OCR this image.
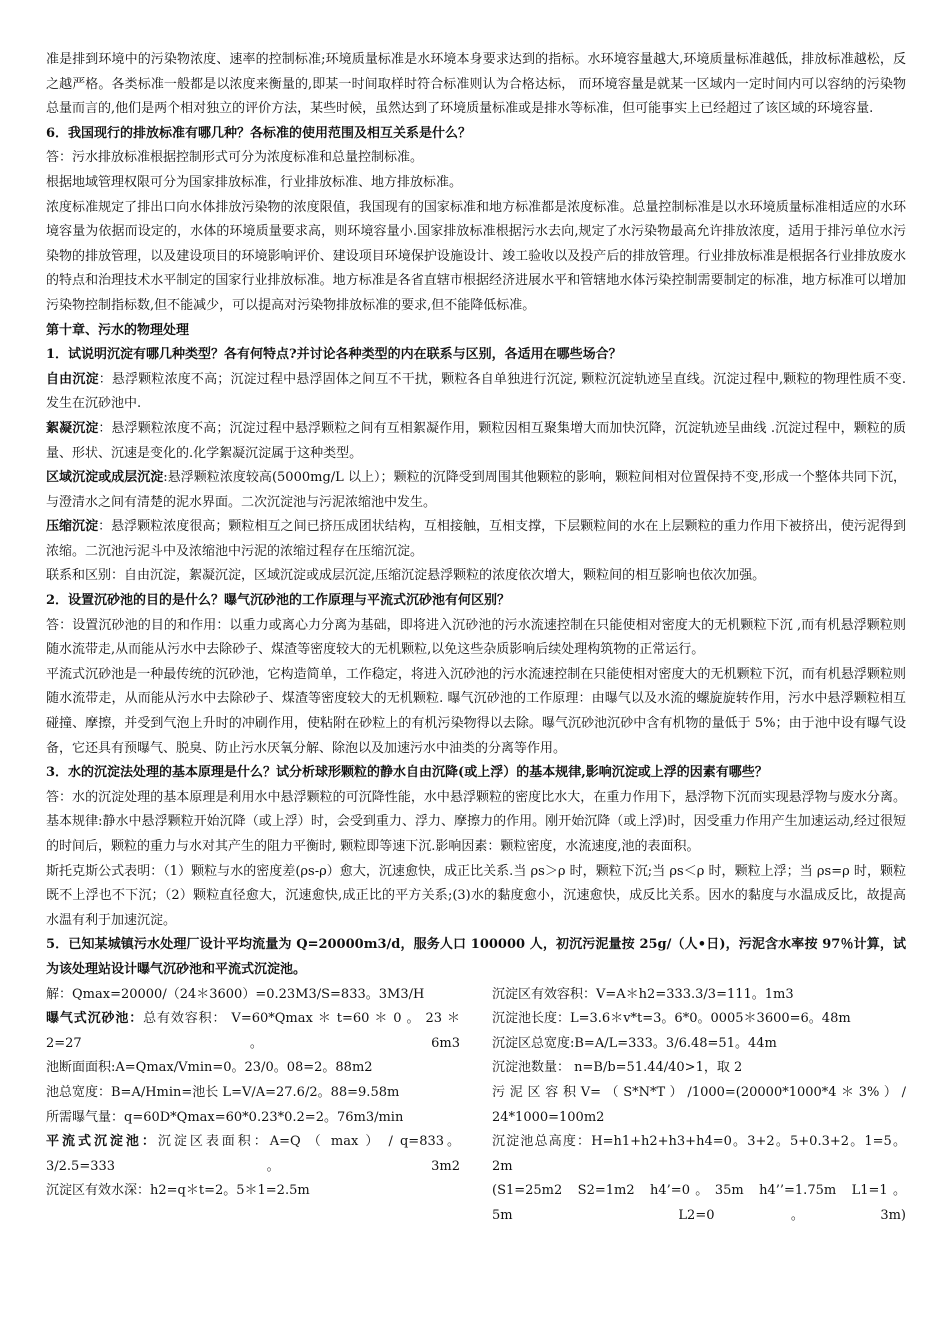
准是排到环境中的污染物浓度、速率的控制标准;环境质量标准是水环境本身要求达到的指标。水环境容量越大,环境质量标准越低，排放标准越松，反之越严格。各类标准一般都是以浓度来衡量的,即某一时间取样时符合标准则认为合格达标， 而环境容量是就某一区域内一定时间内可以容纳的污染物总量而言的,他们是两个相对独立的评价方法，某些时候，虽然达到了环境质量标准或是排水等标准，但可能事实上已经超过了该区域的环境容量.

6．我国现行的排放标准有哪几种？各标准的使用范围及相互关系是什么？

答：污水排放标准根据控制形式可分为浓度标准和总量控制标准。

根据地域管理权限可分为国家排放标准，行业排放标准、地方排放标准。

浓度标准规定了排出口向水体排放污染物的浓度限值，我国现有的国家标准和地方标准都是浓度标准。总量控制标准是以水环境质量标准相适应的水环境容量为依据而设定的，水体的环境质量要求高，则环境容量小.国家排放标准根据污水去向,规定了水污染物最高允许排放浓度，适用于排污单位水污染物的排放管理，以及建设项目的环境影响评价、建设项目环境保护设施设计、竣工验收以及投产后的排放管理。行业排放标准是根据各行业排放废水的特点和治理技术水平制定的国家行业排放标准。地方标准是各省直辖市根据经济进展水平和管辖地水体污染控制需要制定的标准，地方标准可以增加污染物控制指标数,但不能减少，可以提高对污染物排放标准的要求,但不能降低标准。

第十章、污水的物理处理

1．试说明沉淀有哪几种类型？各有何特点?并讨论各种类型的内在联系与区别，各适用在哪些场合？

自由沉淀：悬浮颗粒浓度不高；沉淀过程中悬浮固体之间互不干扰，颗粒各自单独进行沉淀, 颗粒沉淀轨迹呈直线。沉淀过程中,颗粒的物理性质不变.发生在沉砂池中.

絮凝沉淀：悬浮颗粒浓度不高；沉淀过程中悬浮颗粒之间有互相絮凝作用，颗粒因相互聚集增大而加快沉降，沉淀轨迹呈曲线 .沉淀过程中，颗粒的质量、形状、沉速是变化的.化学絮凝沉淀属于这种类型。

区域沉淀或成层沉淀:悬浮颗粒浓度较高(5000mg/L 以上）；颗粒的沉降受到周围其他颗粒的影响，颗粒间相对位置保持不变,形成一个整体共同下沉，与澄清水之间有清楚的泥水界面。二次沉淀池与污泥浓缩池中发生。

压缩沉淀：悬浮颗粒浓度很高；颗粒相互之间已挤压成团状结构，互相接触，互相支撑，下层颗粒间的水在上层颗粒的重力作用下被挤出，使污泥得到浓缩。二沉池污泥斗中及浓缩池中污泥的浓缩过程存在压缩沉淀。

联系和区别：自由沉淀，絮凝沉淀，区域沉淀或成层沉淀,压缩沉淀悬浮颗粒的浓度依次增大，颗粒间的相互影响也依次加强。

2．设置沉砂池的目的是什么？曝气沉砂池的工作原理与平流式沉砂池有何区别？

答：设置沉砂池的目的和作用：以重力或离心力分离为基础，即将进入沉砂池的污水流速控制在只能使相对密度大的无机颗粒下沉 ,而有机悬浮颗粒则随水流带走,从而能从污水中去除砂子、煤渣等密度较大的无机颗粒,以免这些杂质影响后续处理构筑物的正常运行。

平流式沉砂池是一种最传统的沉砂池，它构造简单，工作稳定，将进入沉砂池的污水流速控制在只能使相对密度大的无机颗粒下沉，而有机悬浮颗粒则随水流带走，从而能从污水中去除砂子、煤渣等密度较大的无机颗粒. 曝气沉砂池的工作原理：由曝气以及水流的螺旋旋转作用，污水中悬浮颗粒相互碰撞、摩擦，并受到气泡上升时的冲刷作用，使粘附在砂粒上的有机污染物得以去除。曝气沉砂池沉砂中含有机物的量低于 5%；由于池中设有曝气设备，它还具有预曝气、脱臭、防止污水厌氧分解、除泡以及加速污水中油类的分离等作用。

3．水的沉淀法处理的基本原理是什么？试分析球形颗粒的静水自由沉降(或上浮）的基本规律,影响沉淀或上浮的因素有哪些？

答：水的沉淀处理的基本原理是利用水中悬浮颗粒的可沉降性能，水中悬浮颗粒的密度比水大，在重力作用下，悬浮物下沉而实现悬浮物与废水分离。基本规律:静水中悬浮颗粒开始沉降（或上浮）时，会受到重力、浮力、摩擦力的作用。刚开始沉降（或上浮)时，因受重力作用产生加速运动,经过很短的时间后，颗粒的重力与水对其产生的阻力平衡时, 颗粒即等速下沉.影响因素：颗粒密度，水流速度,池的表面积。

斯托克斯公式表明：（1）颗粒与水的密度差(ρs-ρ）愈大，沉速愈快，成正比关系.当 ρs＞ρ 时，颗粒下沉;当 ρs＜ρ 时，颗粒上浮；当 ρs=ρ 时，颗粒既不上浮也不下沉；（2）颗粒直径愈大，沉速愈快,成正比的平方关系;(3)水的黏度愈小，沉速愈快，成反比关系。因水的黏度与水温成反比，故提高水温有利于加速沉淀。

5．已知某城镇污水处理厂设计平均流量为 Q=20000m3/d，服务人口 100000 人，初沉污泥量按 25g/（人•日)，污泥含水率按 97％计算，试为该处理站设计曝气沉砂池和平流式沉淀池。

解：Qmax=20000/（24＊3600）=0.23M3/S=833。3M3/H

曝气式沉砂池：总有效容积： V=60*Qmax ＊ t=60 ＊ 0 。 23 ＊ 2=27。6m3

池断面面积:A=Qmax/Vmin=0。23/0。08=2。88m2

池总宽度：B=A/Hmin=池长 L=V/A=27.6/2。88=9.58m

所需曝气量：q=60D*Qmax=60*0.23*0.2=2。76m3/min

平流式沉淀池：沉淀区表面积：A=Q （ max ） / q=833。3/2.5=333。3m2

沉淀区有效水深：h2=q＊t=2。5＊1=2.5m

沉淀区有效容积：V=A＊h2=333.3/3=111。1m3

沉淀池长度：L=3.6＊v*t=3。6*0。0005＊3600=6。48m

沉淀区总宽度:B=A/L=333。3/6.48=51。44m

沉淀池数量： n=B/b=51.44/40>1，取 2

污 泥 区 容 积 V= （ S*N*T ） /1000=(20000*1000*4 ＊ 3% ） / 24*1000=100m2

沉淀池总高度：H=h1+h2+h3+h4=0。3+2。5+0.3+2。1=5。2m

(S1=25m2　S2=1m2　h4’=0 。 35m　h4’’=1.75m　L1=1 。 5m　L2=0。3m)
